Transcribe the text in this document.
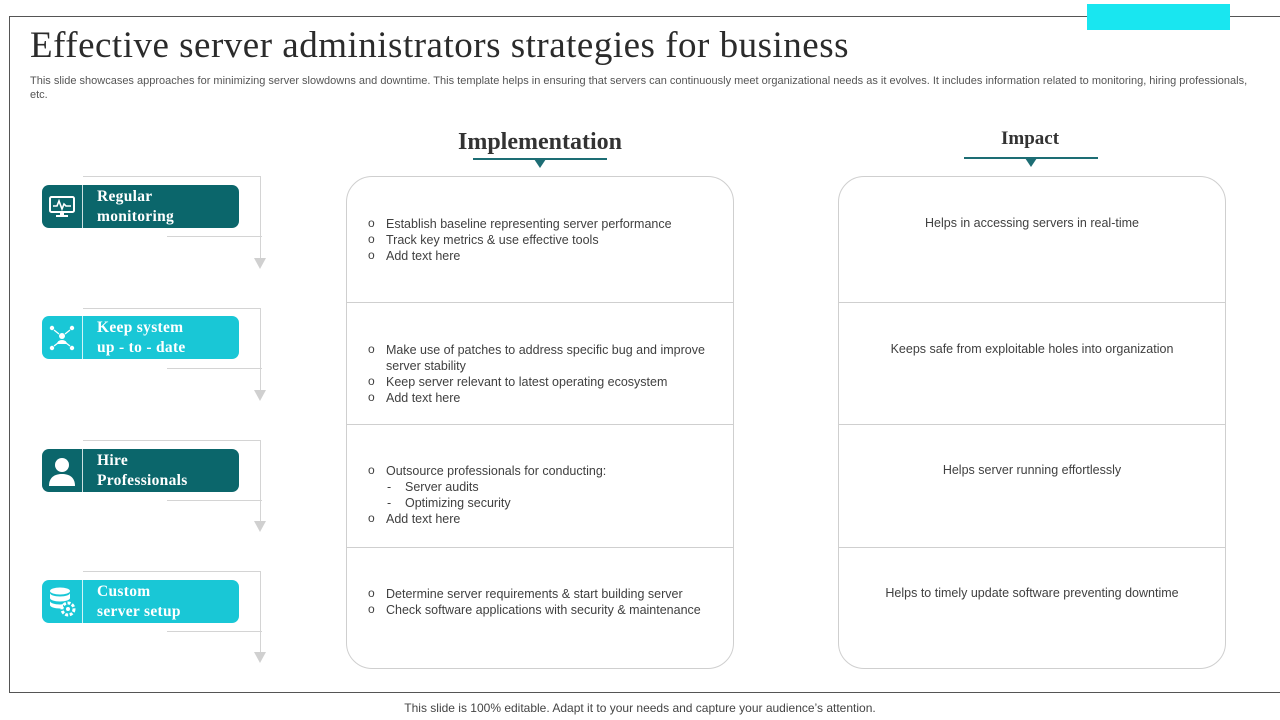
Effective server administrators strategies for business
This slide showcases approaches for minimizing server slowdowns and downtime. This template helps in ensuring that servers can continuously meet organizational needs as it evolves. It includes information related to monitoring, hiring professionals, etc.
Implementation	Impact
o Establish baseline representing server performance
o Track key metrics & use effective tools
o Add text here
o Make use of patches to address specific bug and improve server stability
o Keep server relevant to latest operating ecosystem
o Add text here
o Outsource professionals for conducting:
- Server audits
- Optimizing security
o Add text here
o Determine server requirements & start building server
o Check software applications with security & maintenance
Helps in accessing servers in real-time
Keeps safe from exploitable holes into organization
Helps server running effortlessly
Helps to timely update software preventing downtime
Regular
monitoring
Keep system
up - to - date
Hire
Professionals
Custom
server setup
This slide is 100% editable. Adapt it to your needs and capture your audience’s attention.
